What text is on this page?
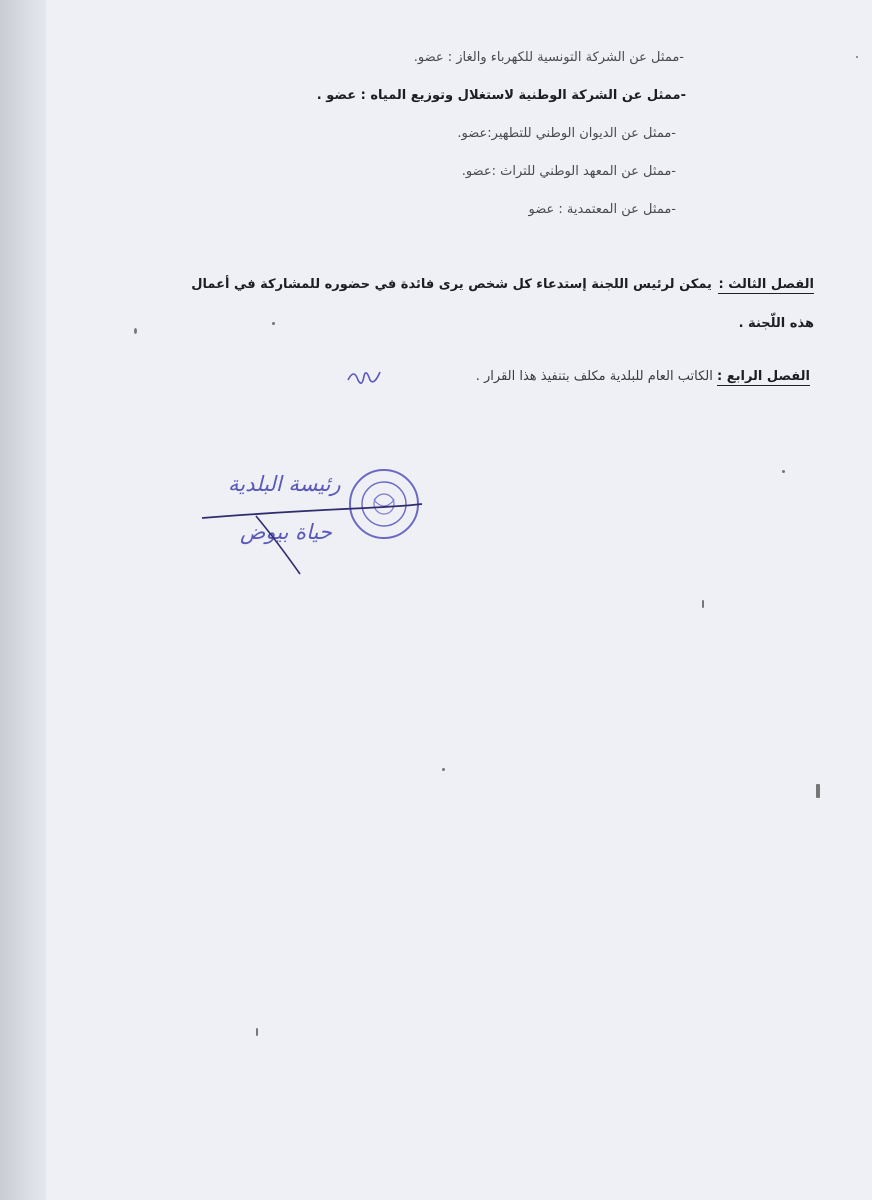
-ممثل عن الشركة التونسية للكهرباء والغاز : عضو.
-ممثل عن الشركة الوطنية لاستغلال وتوزيع المياه : عضو .
-ممثل عن الديوان الوطني للتطهير:عضو.
-ممثل عن المعهد الوطني للتراث :عضو.
-ممثل عن المعتمدية : عضو
الفصل الثالث : يمكن لرئيس اللجنة إستدعاء كل شخص يرى فائدة في حضوره للمشاركة في أعمال
هذه اللّجنة .
الفصل الرابع : الكاتب العام للبلدية مكلف بتنفيذ هذا القرار .
رئيسة البلدية
حياة بيوض
